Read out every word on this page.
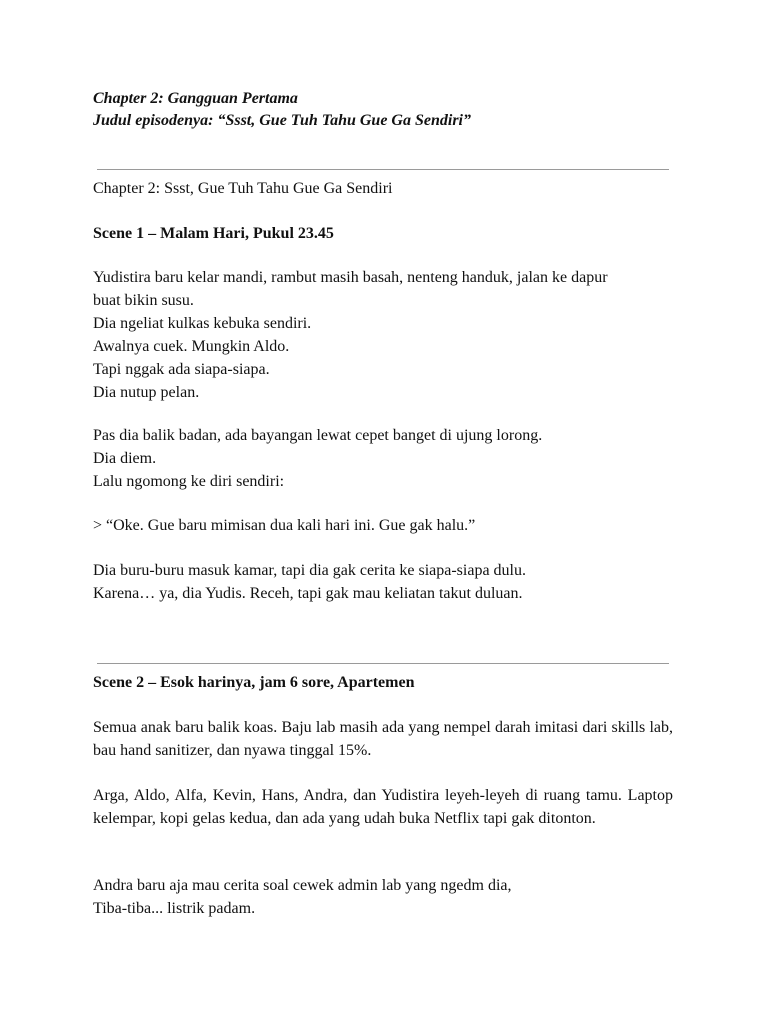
Chapter 2: Gangguan Pertama

Judul episodenya: “Ssst, Gue Tuh Tahu Gue Ga Sendiri”

Chapter 2: Ssst, Gue Tuh Tahu Gue Ga Sendiri

Scene 1 – Malam Hari, Pukul 23.45

Yudistira baru kelar mandi, rambut masih basah, nenteng handuk, jalan ke dapur

buat bikin susu.

Dia ngeliat kulkas kebuka sendiri.

Awalnya cuek. Mungkin Aldo.

Tapi nggak ada siapa-siapa.

Dia nutup pelan.

Pas dia balik badan, ada bayangan lewat cepet banget di ujung lorong.

Dia diem.

Lalu ngomong ke diri sendiri:

> “Oke. Gue baru mimisan dua kali hari ini. Gue gak halu.”

Dia buru-buru masuk kamar, tapi dia gak cerita ke siapa-siapa dulu.

Karena… ya, dia Yudis. Receh, tapi gak mau keliatan takut duluan.

Scene 2 – Esok harinya, jam 6 sore, Apartemen

Semua anak baru balik koas. Baju lab masih ada yang nempel darah imitasi dari skills lab, bau hand sanitizer, dan nyawa tinggal 15%.

Arga, Aldo, Alfa, Kevin, Hans, Andra, dan Yudistira leyeh-leyeh di ruang tamu. Laptop kelempar, kopi gelas kedua, dan ada yang udah buka Netflix tapi gak ditonton.

Andra baru aja mau cerita soal cewek admin lab yang ngedm dia,

Tiba-tiba... listrik padam.
